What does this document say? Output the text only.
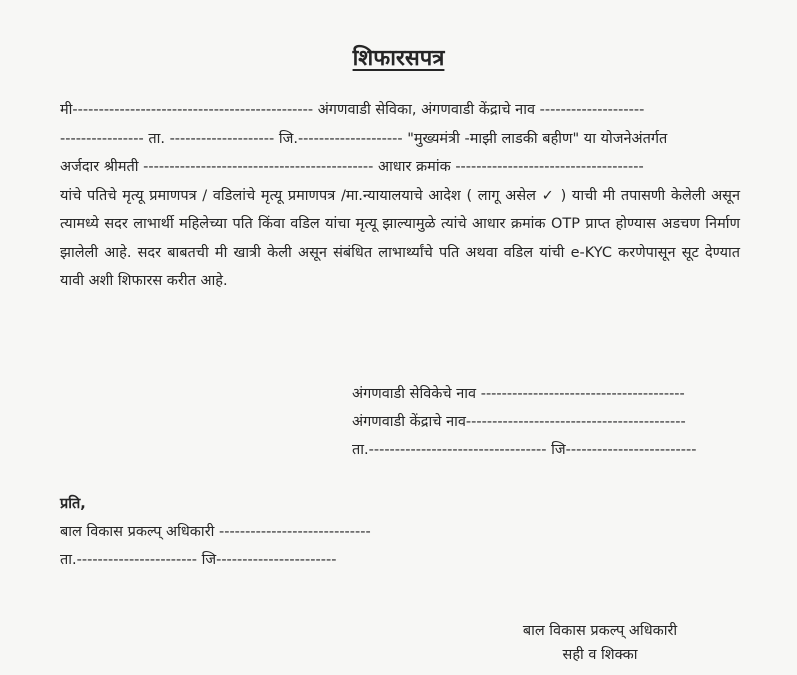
शिफारसपत्र
मी---------------------------------------------- अंगणवाडी सेविका, अंगणवाडी केंद्राचे नाव --------------------
---------------- ता. -------------------- जि.-------------------- "मुख्यमंत्री -माझी लाडकी बहीण" या योजनेअंतर्गत
अर्जदार श्रीमती -------------------------------------------- आधार क्रमांक ------------------------------------
यांचे पतिचे मृत्यू प्रमाणपत्र / वडिलांचे मृत्यू प्रमाणपत्र /मा.न्यायालयाचे आदेश ( लागू असेल ✓ ) याची मी तपासणी केलेली असून त्यामध्ये सदर लाभार्थी महिलेच्या पति किंवा वडिल यांचा मृत्यू झाल्यामुळे त्यांचे आधार क्रमांक OTP प्राप्त होण्यास अडचण निर्माण झालेली आहे. सदर बाबतची मी खात्री केली असून संबंधित लाभार्थ्यांचे पति अथवा वडिल यांची e-KYC करणेपासून सूट देण्यात यावी अशी शिफारस करीत आहे.
अंगणवाडी सेविकेचे नाव ---------------------------------------
अंगणवाडी केंद्राचे नाव------------------------------------------
ता.---------------------------------- जि-------------------------
प्रति,
बाल विकास प्रकल्प् अधिकारी -----------------------------
ता.----------------------- जि-----------------------
बाल विकास प्रकल्प् अधिकारी
सही व शिक्का
